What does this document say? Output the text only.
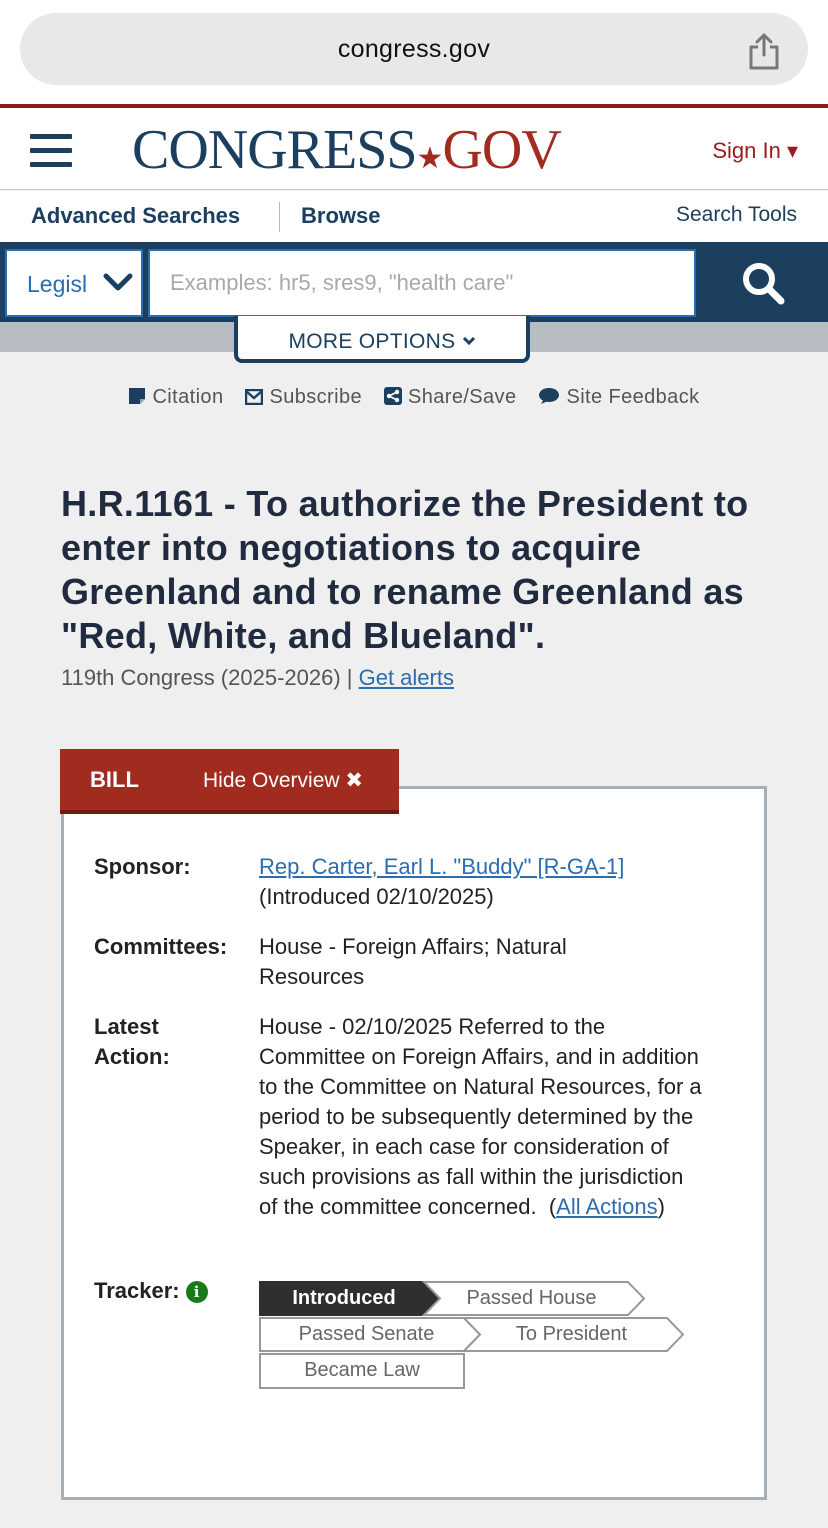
congress.gov
CONGRESS★GOV	Sign In ▾
Advanced Searches	Browse	Search Tools
Legisl
Examples: hr5, sres9, "health care"
MORE OPTIONS
Citation Subscribe Share/Save Site Feedback
H.R.1161 - To authorize the President to enter into negotiations to acquire Greenland and to rename Greenland as "Red, White, and Blueland".
119th Congress (2025-2026) | Get alerts
BILL	Hide Overview ✖
Sponsor:	Rep. Carter, Earl L. "Buddy" [R-GA-1]
(Introduced 02/10/2025)
Committees: House - Foreign Affairs; Natural Resources
Latest
Action:
House - 02/10/2025 Referred to the Committee on Foreign Affairs, and in addition to the Committee on Natural Resources, for a period to be subsequently determined by the Speaker, in each case for consideration of such provisions as fall within the jurisdiction of the committee concerned.  (All Actions)
Tracker: i	Introduced	Passed House
Passed Senate	To President
Became Law
